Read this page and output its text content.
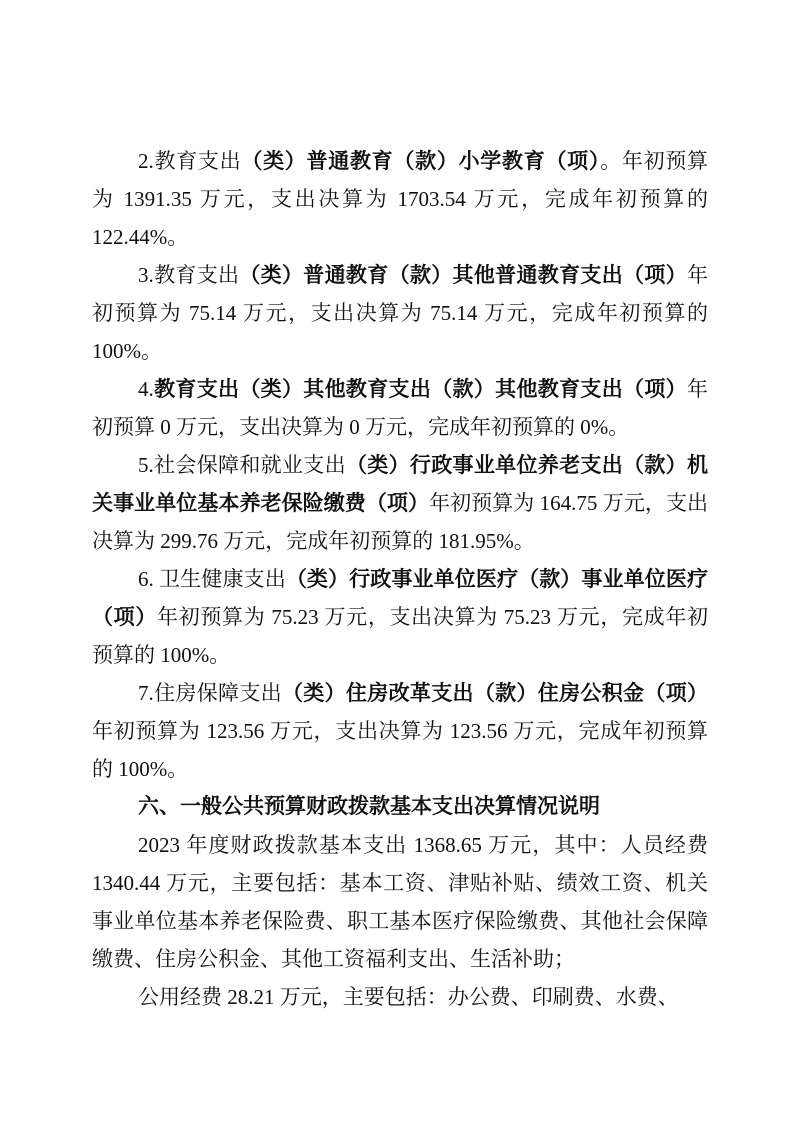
2.教育支出（类）普通教育（款）小学教育（项）。年初预算为 1391.35 万元，支出决算为 1703.54 万元，完成年初预算的 122.44%。

3.教育支出（类）普通教育（款）其他普通教育支出（项）年初预算为 75.14 万元，支出决算为 75.14 万元，完成年初预算的 100%。

4.教育支出（类）其他教育支出（款）其他教育支出（项）年初预算 0 万元，支出决算为 0 万元，完成年初预算的 0%。

5.社会保障和就业支出（类）行政事业单位养老支出（款）机关事业单位基本养老保险缴费（项）年初预算为 164.75 万元，支出决算为 299.76 万元，完成年初预算的 181.95%。

6. 卫生健康支出（类）行政事业单位医疗（款）事业单位医疗（项）年初预算为 75.23 万元，支出决算为 75.23 万元，完成年初预算的 100%。

7.住房保障支出（类）住房改革支出（款）住房公积金（项）年初预算为 123.56 万元，支出决算为 123.56 万元，完成年初预算的 100%。

六、一般公共预算财政拨款基本支出决算情况说明

2023 年度财政拨款基本支出 1368.65 万元，其中：人员经费 1340.44 万元，主要包括：基本工资、津贴补贴、绩效工资、机关事业单位基本养老保险费、职工基本医疗保险缴费、其他社会保障缴费、住房公积金、其他工资福利支出、生活补助；

公用经费 28.21 万元，主要包括：办公费、印刷费、水费、
